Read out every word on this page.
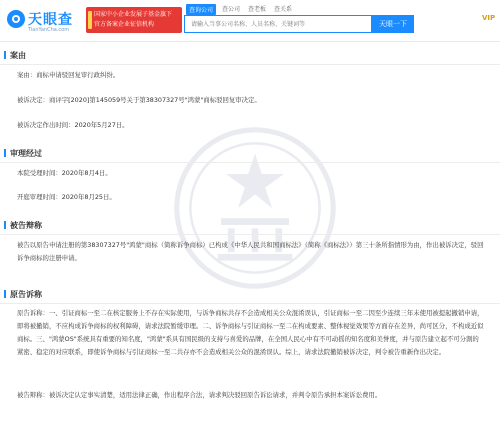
天眼查
TianYanCha.com
国家中小企业发展子基金旗下
官方备案企业征信机构
查询公司	查公司 查老板 查关系
请输入当事公司名称、人员名称、关键词等
天眼一下
VIP
案由
案由：商标申请驳回复审行政纠纷。
被诉决定：商评字[2020]第145059号关于第38307327号"鸿蒙"商标驳回复审决定。
被诉决定作出时间：2020年5月27日。
审理经过
本院受理时间：2020年8月4日。
开庭审理时间：2020年8月25日。
被告辩称
被告以原告申请注册的第38307327号"鸿蒙"商标（简称诉争商标）已构成《中华人民共和国商标法》（简称《商标法》）第三十条所指情形为由，作出被诉决定，驳回诉争商标的注册申请。
原告诉称
原告诉称：一、引证商标一至二在核定服务上不存在实际使用，与诉争商标共存不会造成相关公众混淆误认，引证商标一至二因至少连续三年未使用被提起撤销申请，即将被撤销，不应构成诉争商标的权利障碍，请求法院暂缓审理。二、诉争商标与引证商标一至二在构成要素、整体视觉效果等方面存在差异，尚可区分，不构成近似商标。三、"鸿蒙OS"系统具有重要的知名度，"鸿蒙"系具有国民级的支持与喜爱的品牌，在全国人民心中有不可动摇的知名度和美誉度，并与原告建立起不可分割的紧密、稳定的对应联系，即使诉争商标与引证商标一至二共存亦不会造成相关公众的混淆误认。综上，请求法院撤销被诉决定，判令被告重新作出决定。
被告辩称：被诉决定认定事实清楚，适用法律正确，作出程序合法，请求判决驳回原告诉讼请求，并判令原告承担本案诉讼费用。
